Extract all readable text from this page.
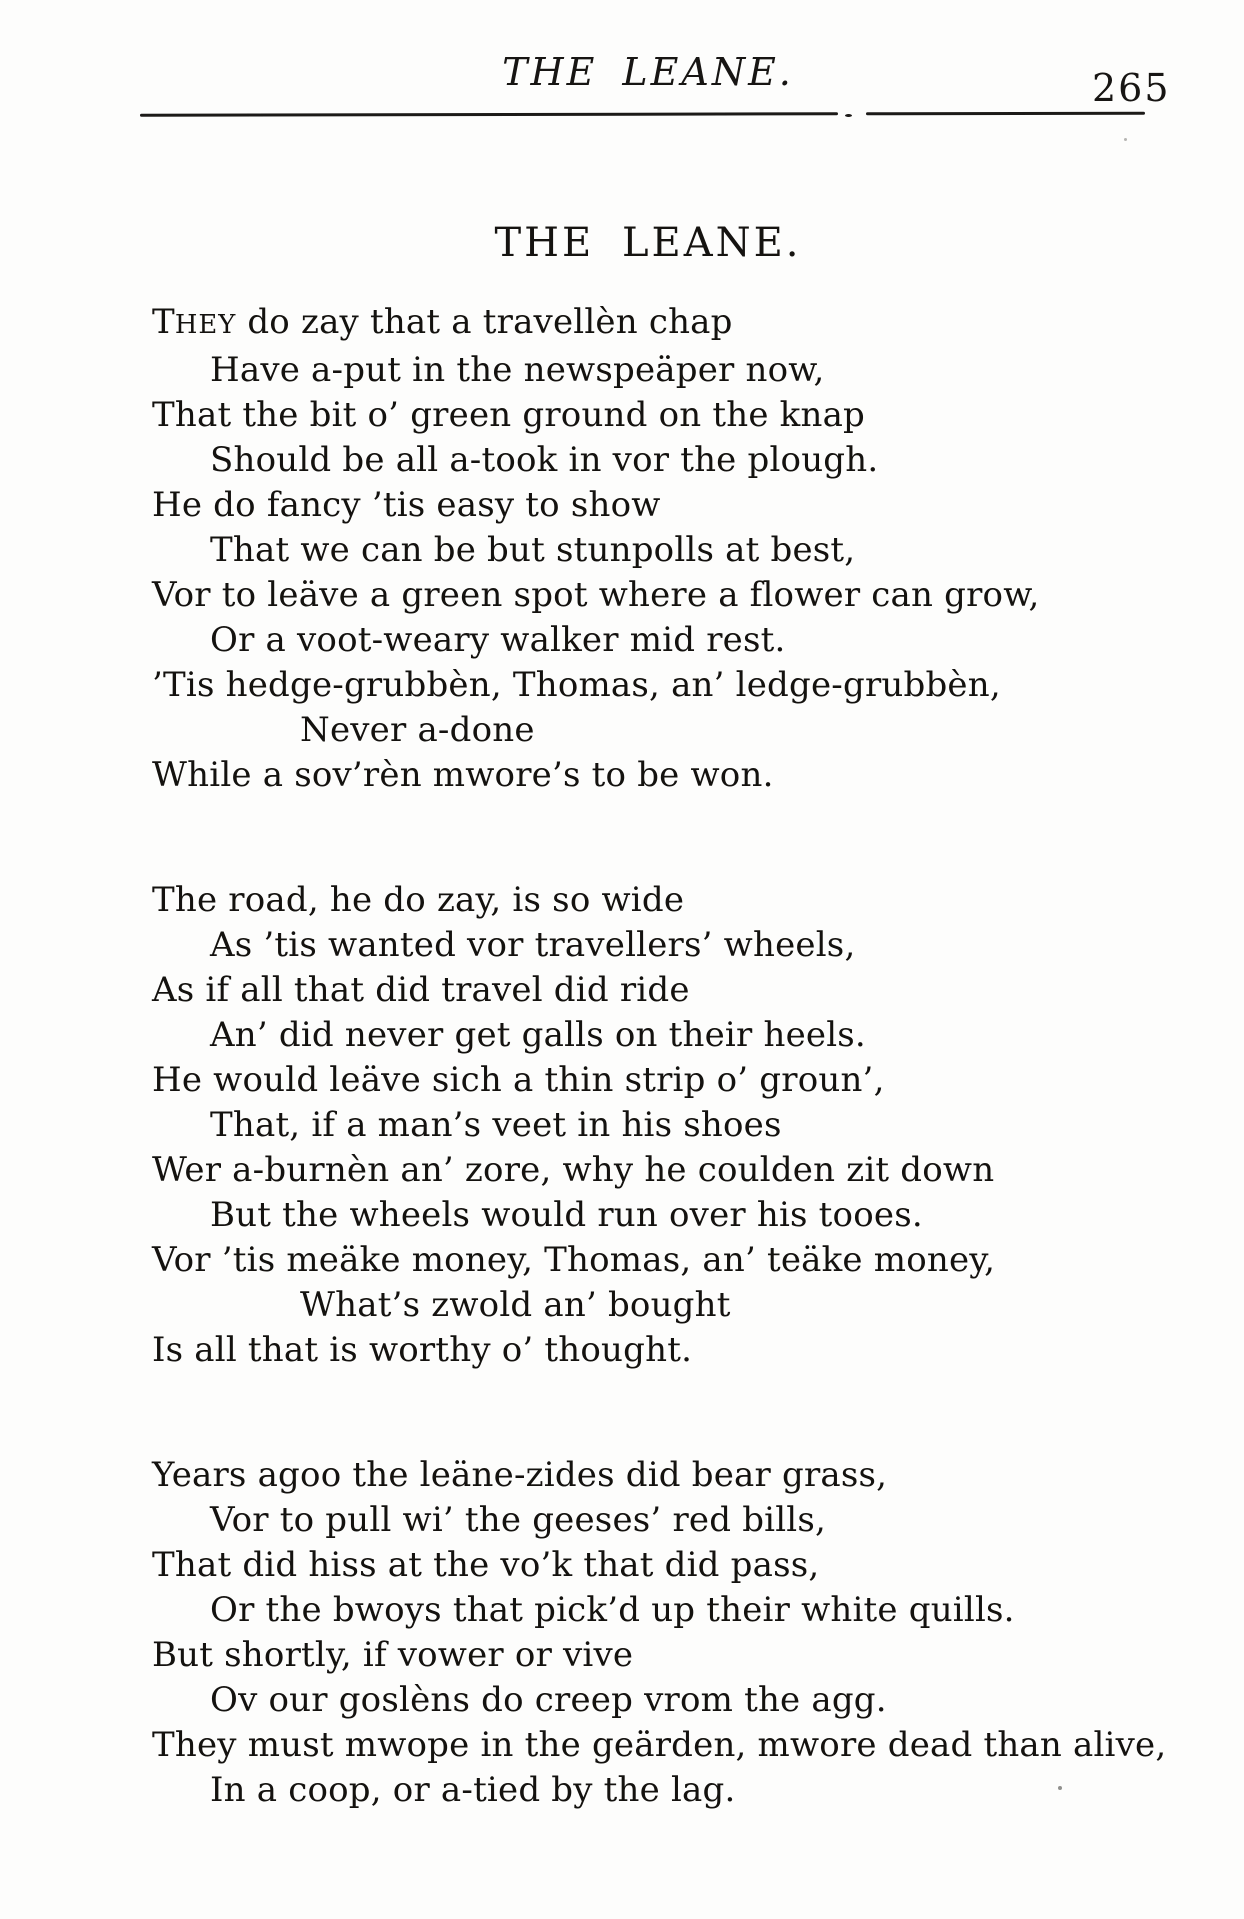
THE LEANE.	265
THE LEANE.
THEY do zay that a travellèn chap
Have a-put in the newspeäper now,
That the bit o’ green ground on the knap
Should be all a-took in vor the plough.
He do fancy ’tis easy to show
That we can be but stunpolls at best,
Vor to leäve a green spot where a flower can grow,
Or a voot-weary walker mid rest.
’Tis hedge-grubbèn, Thomas, an’ ledge-grubbèn,
Never a-done
While a sov’rèn mwore’s to be won.
The road, he do zay, is so wide
As ’tis wanted vor travellers’ wheels,
As if all that did travel did ride
An’ did never get galls on their heels.
He would leäve sich a thin strip o’ groun’,
That, if a man’s veet in his shoes
Wer a-burnèn an’ zore, why he coulden zit down
But the wheels would run over his tooes.
Vor ’tis meäke money, Thomas, an’ teäke money,
What’s zwold an’ bought
Is all that is worthy o’ thought.
Years agoo the leäne-zides did bear grass,
Vor to pull wi’ the geeses’ red bills,
That did hiss at the vo’k that did pass,
Or the bwoys that pick’d up their white quills.
But shortly, if vower or vive
Ov our goslèns do creep vrom the agg.
They must mwope in the geärden, mwore dead than alive,
In a coop, or a-tied by the lag.
